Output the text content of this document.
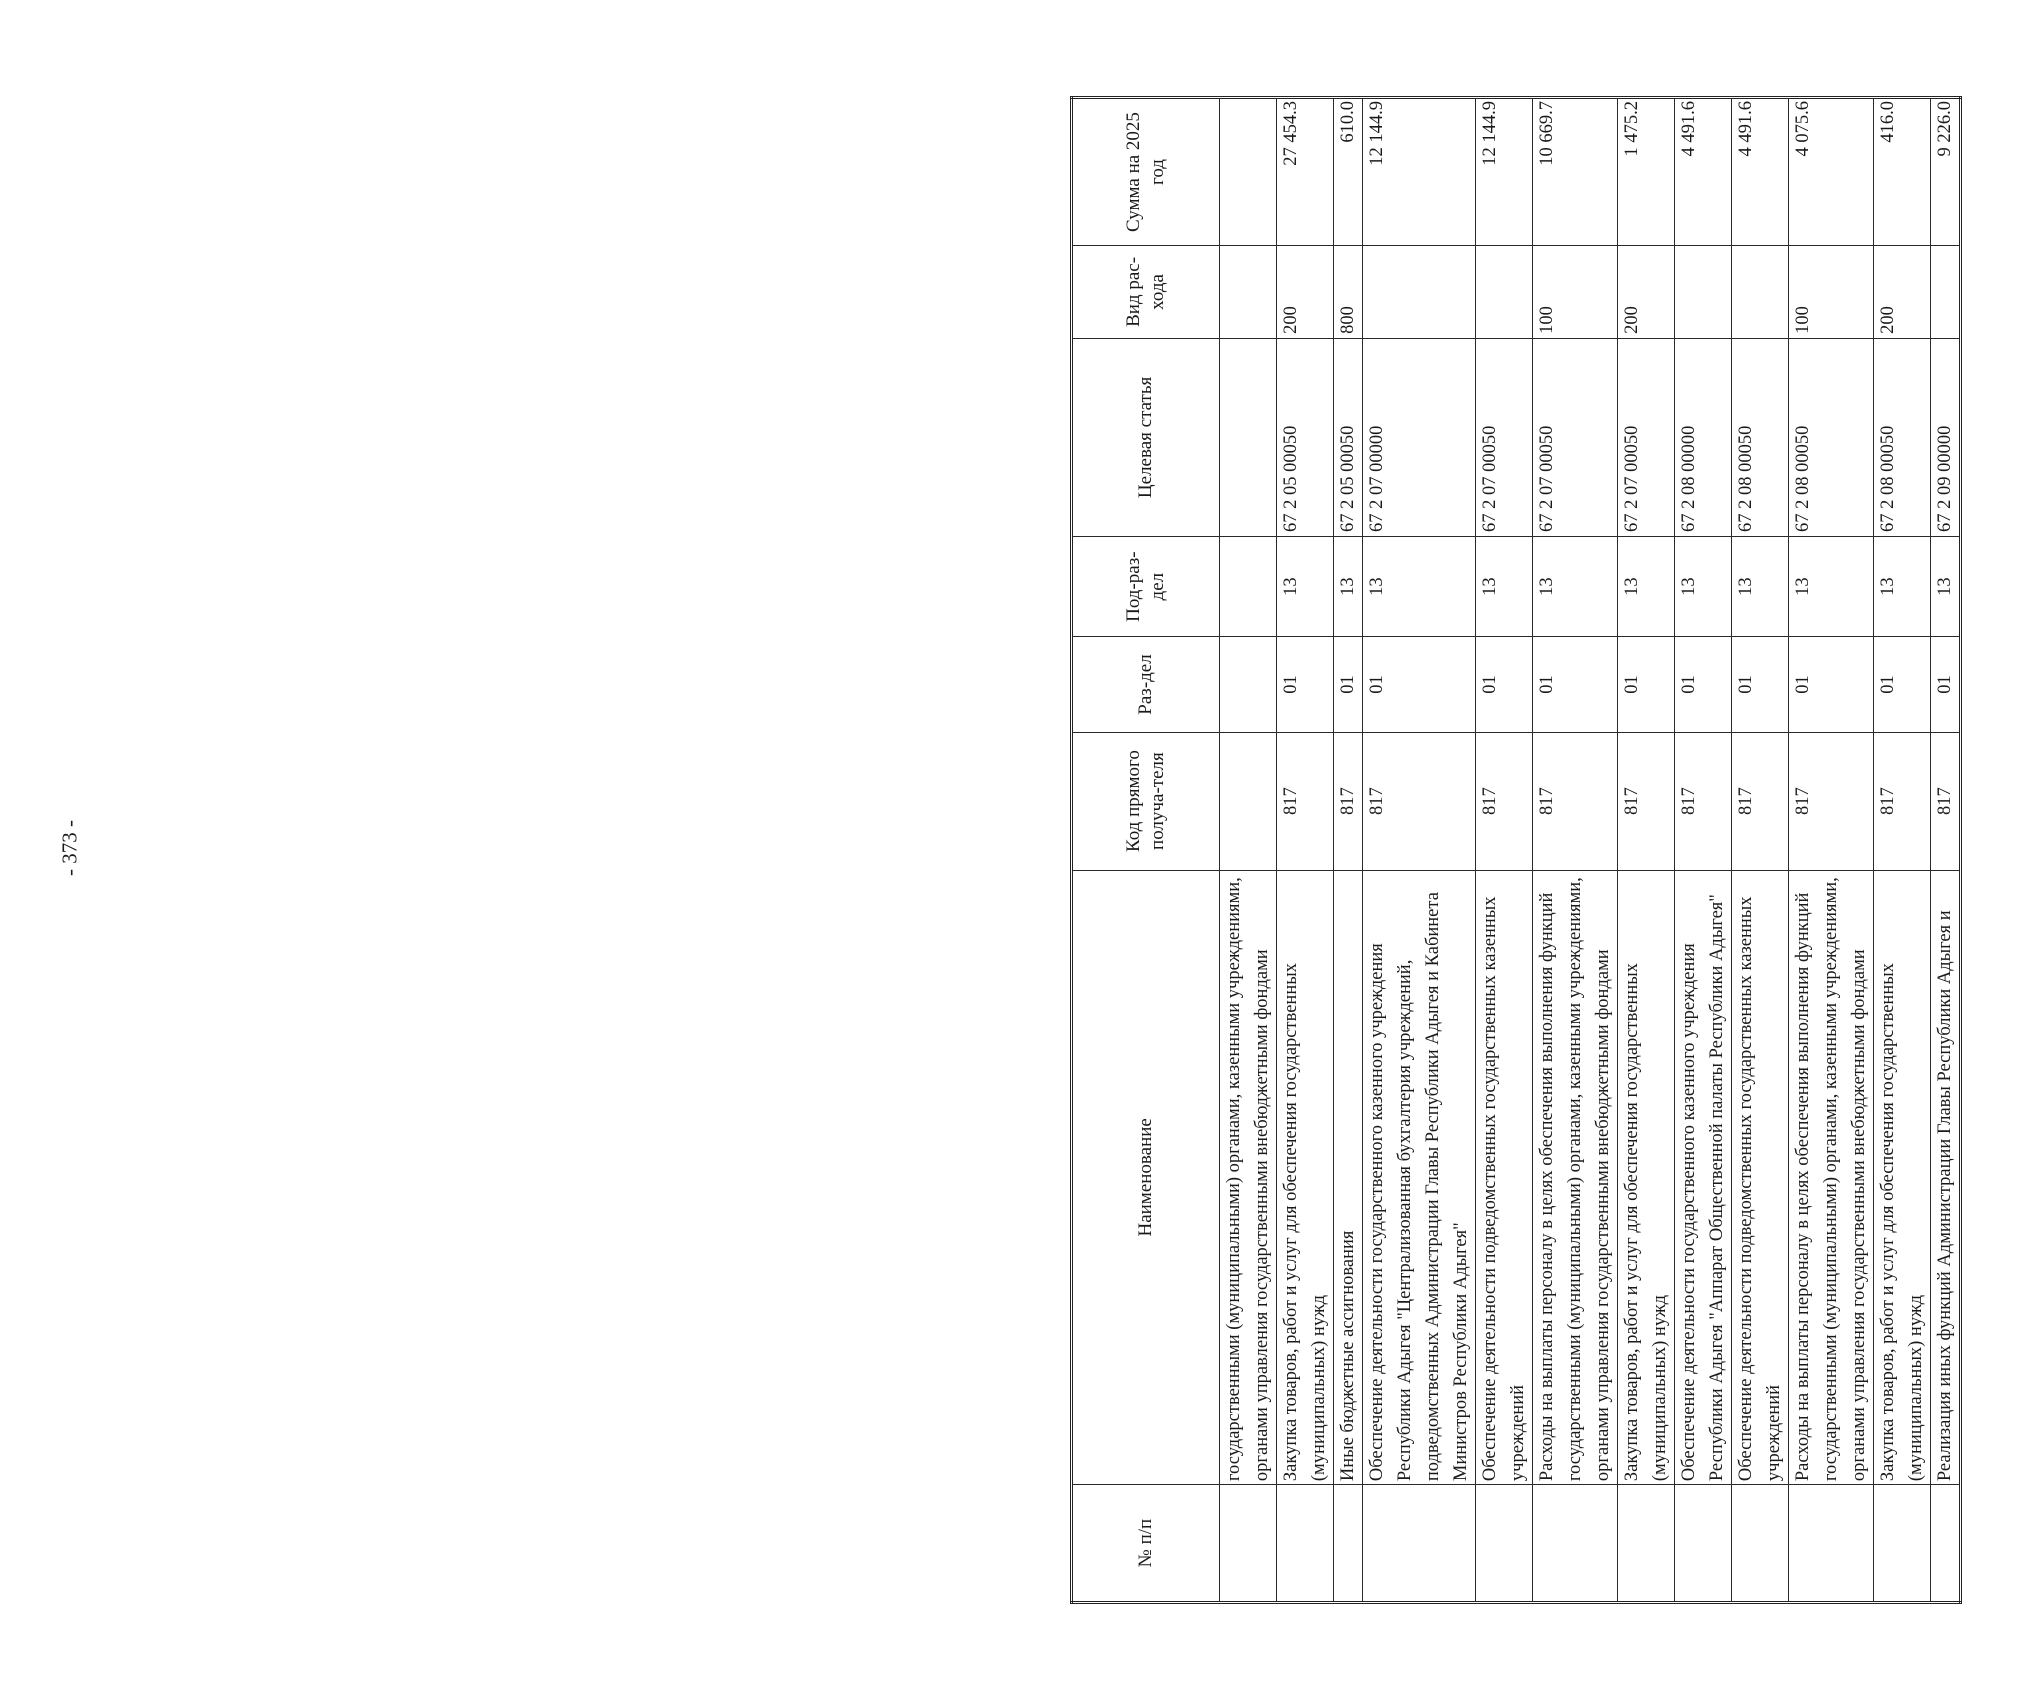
- 373 -
№ п/п	Наименование	Код прямого получа-теля	Раз-дел	Под-раз-дел	Целевая статья	Вид рас-хода	Сумма на 2025 год
	государственными (муниципальными) органами, казенными учреждениями, органами управления государственными внебюджетными фондами						
	Закупка товаров, работ и услуг для обеспечения государственных (муниципальных) нужд	817	01	13	67 2 05 00050	200	27 454.3
	Иные бюджетные ассигнования	817	01	13	67 2 05 00050	800	610.0
	Обеспечение деятельности государственного казенного учреждения Республики Адыгея "Централизованная бухгалтерия учреждений, подведомственных Администрации Главы Республики Адыгея и Кабинета Министров Республики Адыгея"	817	01	13	67 2 07 00000		12 144.9
	Обеспечение деятельности подведомственных государственных казенных учреждений	817	01	13	67 2 07 00050		12 144.9
	Расходы на выплаты персоналу в целях обеспечения выполнения функций государственными (муниципальными) органами, казенными учреждениями, органами управления государственными внебюджетными фондами	817	01	13	67 2 07 00050	100	10 669.7
	Закупка товаров, работ и услуг для обеспечения государственных (муниципальных) нужд	817	01	13	67 2 07 00050	200	1 475.2
	Обеспечение деятельности государственного казенного учреждения Республики Адыгея "Аппарат Общественной палаты Республики Адыгея"	817	01	13	67 2 08 00000		4 491.6
	Обеспечение деятельности подведомственных государственных казенных учреждений	817	01	13	67 2 08 00050		4 491.6
	Расходы на выплаты персоналу в целях обеспечения выполнения функций государственными (муниципальными) органами, казенными учреждениями, органами управления государственными внебюджетными фондами	817	01	13	67 2 08 00050	100	4 075.6
	Закупка товаров, работ и услуг для обеспечения государственных (муниципальных) нужд	817	01	13	67 2 08 00050	200	416.0
	Реализация иных функций Администрации Главы Республики Адыгея и	817	01	13	67 2 09 00000		9 226.0
